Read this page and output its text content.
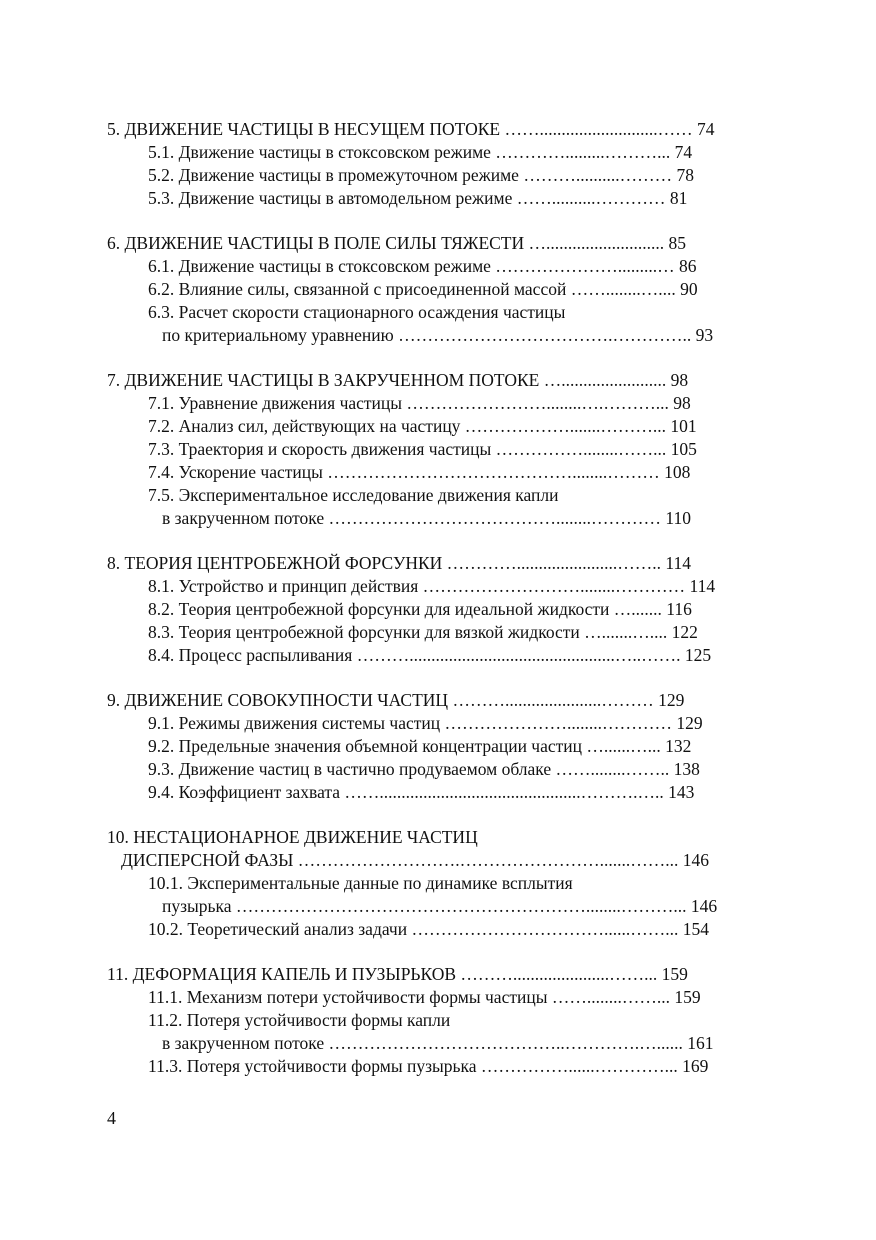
5. ДВИЖЕНИЕ ЧАСТИЦЫ В НЕСУЩЕМ ПОТОКЕ ……...........................…… 74
5.1. Движение частицы в стоксовском режиме ………….........………... 74
5.2. Движение частицы в промежуточном режиме ………..........……… 78
5.3. Движение частицы в автомодельном режиме ……..........………… 81
6. ДВИЖЕНИЕ ЧАСТИЦЫ В ПОЛЕ СИЛЫ ТЯЖЕСТИ …........................... 85
6.1. Движение частицы в стоксовском режиме ………………….........… 86
6.2. Влияние силы, связанной с присоединенной массой ……........….... 90
6.3. Расчет скорости стационарного осаждения частицы
по критериальному уравнению ……………………………….………….. 93
7. ДВИЖЕНИЕ ЧАСТИЦЫ В ЗАКРУЧЕННОМ ПОТОКЕ …........................ 98
7.1. Уравнение движения частицы ……………………........….………... 98
7.2. Анализ сил, действующих на частицу ……………….......………... 101
7.3. Траектория и скорость движения частицы ……………........……... 105
7.4. Ускорение частицы ……………………………………........……… 108
7.5. Экспериментальное исследование движения капли
в закрученном потоке …………………………………........………… 110
8. ТЕОРИЯ ЦЕНТРОБЕЖНОЙ ФОРСУНКИ ………….......................…….. 114
8.1. Устройство и принцип действия ………………………........………… 114
8.2. Теория центробежной форсунки для идеальной жидкости …....... 116
8.3. Теория центробежной форсунки для вязкой жидкости ….......….... 122
8.4. Процесс распыливания ………...............................................…..……. 125
9. ДВИЖЕНИЕ СОВОКУПНОСТИ ЧАСТИЦ ………......................……… 129
9.1. Режимы движения системы частиц …………………........………… 129
9.2. Предельные значения объемной концентрации частиц …......…... 132
9.3. Движение частиц в частично продуваемом облаке ……........…….. 138
9.4. Коэффициент захвата ……..............................................……….….. 143
10. НЕСТАЦИОНАРНОЕ ДВИЖЕНИЕ ЧАСТИЦ
ДИСПЕРСНОЙ ФАЗЫ ……………………….…………………….......……... 146
10.1. Экспериментальные данные по динамике всплытия
пузырька ……………………………………………………........………... 146
10.2. Теоретический анализ задачи ……………………………......……... 154
11. ДЕФОРМАЦИЯ КАПЕЛЬ И ПУЗЫРЬКОВ ………......................……... 159
11.1. Механизм потери устойчивости формы частицы ……........……... 159
11.2. Потеря устойчивости формы капли
в закрученном потоке …………………………………..………….…...... 161
11.3. Потеря устойчивости формы пузырька ……………......…………... 169
4
